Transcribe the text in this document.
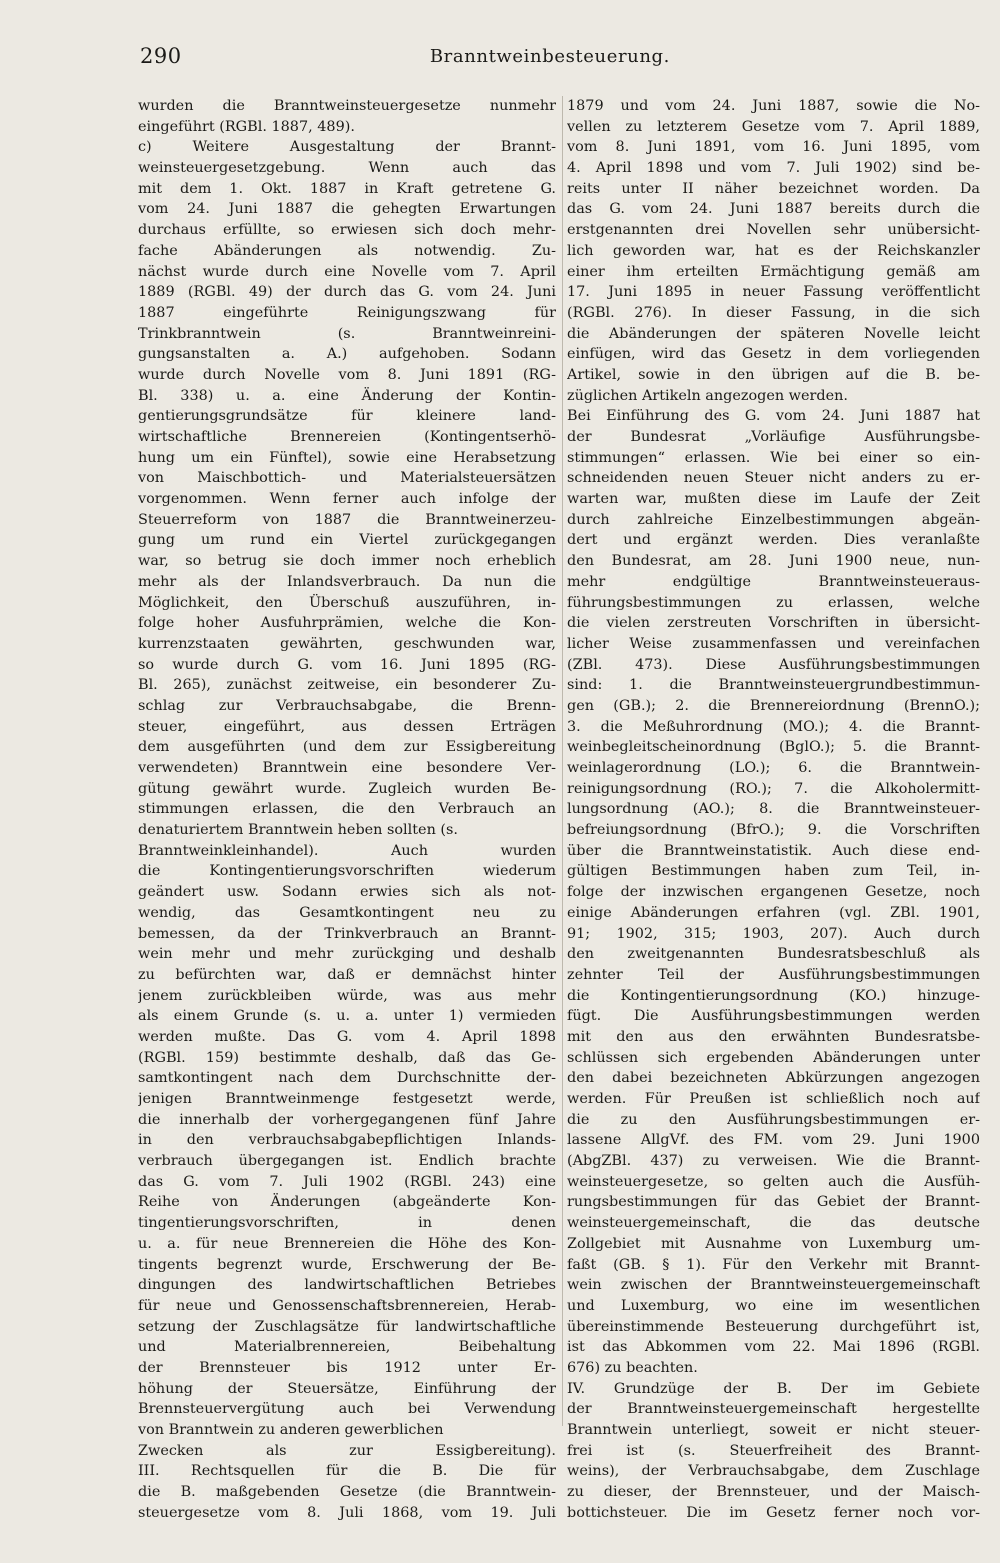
290	Branntweinbesteuerung.
wurden die Branntweinsteuergesetze nunmehr
eingeführt (RGBl. 1887, 489).
c) Weitere Ausgestaltung der Brannt-
weinsteuergesetzgebung. Wenn auch das
mit dem 1. Okt. 1887 in Kraft getretene G.
vom 24. Juni 1887 die gehegten Erwartungen
durchaus erfüllte, so erwiesen sich doch mehr-
fache Abänderungen als notwendig. Zu-
nächst wurde durch eine Novelle vom 7. April
1889 (RGBl. 49) der durch das G. vom 24. Juni
1887 eingeführte Reinigungszwang für
Trinkbranntwein (s. Branntweinreini-
gungsanstalten a. A.) aufgehoben. Sodann
wurde durch Novelle vom 8. Juni 1891 (RG-
Bl. 338) u. a. eine Änderung der Kontin-
gentierungsgrundsätze für kleinere land-
wirtschaftliche Brennereien (Kontingentserhö-
hung um ein Fünftel), sowie eine Herabsetzung
von Maischbottich- und Materialsteuersätzen
vorgenommen. Wenn ferner auch infolge der
Steuerreform von 1887 die Branntweinerzeu-
gung um rund ein Viertel zurückgegangen
war, so betrug sie doch immer noch erheblich
mehr als der Inlandsverbrauch. Da nun die
Möglichkeit, den Überschuß auszuführen, in-
folge hoher Ausfuhrprämien, welche die Kon-
kurrenzstaaten gewährten, geschwunden war,
so wurde durch G. vom 16. Juni 1895 (RG-
Bl. 265), zunächst zeitweise, ein besonderer Zu-
schlag zur Verbrauchsabgabe, die Brenn-
steuer, eingeführt, aus dessen Erträgen
dem ausgeführten (und dem zur Essigbereitung
verwendeten) Branntwein eine besondere Ver-
gütung gewährt wurde. Zugleich wurden Be-
stimmungen erlassen, die den Verbrauch an
denaturiertem Branntwein heben sollten (s.
Branntweinkleinhandel). Auch wurden
die Kontingentierungsvorschriften wiederum
geändert usw. Sodann erwies sich als not-
wendig, das Gesamtkontingent neu zu
bemessen, da der Trinkverbrauch an Brannt-
wein mehr und mehr zurückging und deshalb
zu befürchten war, daß er demnächst hinter
jenem zurückbleiben würde, was aus mehr
als einem Grunde (s. u. a. unter 1) vermieden
werden mußte. Das G. vom 4. April 1898
(RGBl. 159) bestimmte deshalb, daß das Ge-
samtkontingent nach dem Durchschnitte der-
jenigen Branntweinmenge festgesetzt werde,
die innerhalb der vorhergegangenen fünf Jahre
in den verbrauchsabgabepflichtigen Inlands-
verbrauch übergegangen ist. Endlich brachte
das G. vom 7. Juli 1902 (RGBl. 243) eine
Reihe von Änderungen (abgeänderte Kon-
tingentierungsvorschriften, in denen
u. a. für neue Brennereien die Höhe des Kon-
tingents begrenzt wurde, Erschwerung der Be-
dingungen des landwirtschaftlichen Betriebes
für neue und Genossenschaftsbrennereien, Herab-
setzung der Zuschlagsätze für landwirtschaftliche
und Materialbrennereien, Beibehaltung
der Brennsteuer bis 1912 unter Er-
höhung der Steuersätze, Einführung der
Brennsteuervergütung auch bei Verwendung
von Branntwein zu anderen gewerblichen
Zwecken als zur Essigbereitung).
III. Rechtsquellen für die B. Die für
die B. maßgebenden Gesetze (die Branntwein-
steuergesetze vom 8. Juli 1868, vom 19. Juli
1879 und vom 24. Juni 1887, sowie die No-
vellen zu letzterem Gesetze vom 7. April 1889,
vom 8. Juni 1891, vom 16. Juni 1895, vom
4. April 1898 und vom 7. Juli 1902) sind be-
reits unter II näher bezeichnet worden. Da
das G. vom 24. Juni 1887 bereits durch die
erstgenannten drei Novellen sehr unübersicht-
lich geworden war, hat es der Reichskanzler
einer ihm erteilten Ermächtigung gemäß am
17. Juni 1895 in neuer Fassung veröffentlicht
(RGBl. 276). In dieser Fassung, in die sich
die Abänderungen der späteren Novelle leicht
einfügen, wird das Gesetz in dem vorliegenden
Artikel, sowie in den übrigen auf die B. be-
züglichen Artikeln angezogen werden.
Bei Einführung des G. vom 24. Juni 1887 hat
der Bundesrat „Vorläufige Ausführungsbe-
stimmungen“ erlassen. Wie bei einer so ein-
schneidenden neuen Steuer nicht anders zu er-
warten war, mußten diese im Laufe der Zeit
durch zahlreiche Einzelbestimmungen abgeän-
dert und ergänzt werden. Dies veranlaßte
den Bundesrat, am 28. Juni 1900 neue, nun-
mehr endgültige Branntweinsteueraus-
führungsbestimmungen zu erlassen, welche
die vielen zerstreuten Vorschriften in übersicht-
licher Weise zusammenfassen und vereinfachen
(ZBl. 473). Diese Ausführungsbestimmungen
sind: 1. die Branntweinsteuergrundbestimmun-
gen (GB.); 2. die Brennereiordnung (BrennO.);
3. die Meßuhrordnung (MO.); 4. die Brannt-
weinbegleitscheinordnung (BglO.); 5. die Brannt-
weinlagerordnung (LO.); 6. die Branntwein-
reinigungsordnung (RO.); 7. die Alkoholermitt-
lungsordnung (AO.); 8. die Branntweinsteuer-
befreiungsordnung (BfrO.); 9. die Vorschriften
über die Branntweinstatistik. Auch diese end-
gültigen Bestimmungen haben zum Teil, in-
folge der inzwischen ergangenen Gesetze, noch
einige Abänderungen erfahren (vgl. ZBl. 1901,
91; 1902, 315; 1903, 207). Auch durch
den zweitgenannten Bundesratsbeschluß als
zehnter Teil der Ausführungsbestimmungen
die Kontingentierungsordnung (KO.) hinzuge-
fügt. Die Ausführungsbestimmungen werden
mit den aus den erwähnten Bundesratsbe-
schlüssen sich ergebenden Abänderungen unter
den dabei bezeichneten Abkürzungen angezogen
werden. Für Preußen ist schließlich noch auf
die zu den Ausführungsbestimmungen er-
lassene AllgVf. des FM. vom 29. Juni 1900
(AbgZBl. 437) zu verweisen. Wie die Brannt-
weinsteuergesetze, so gelten auch die Ausfüh-
rungsbestimmungen für das Gebiet der Brannt-
weinsteuergemeinschaft, die das deutsche
Zollgebiet mit Ausnahme von Luxemburg um-
faßt (GB. § 1). Für den Verkehr mit Brannt-
wein zwischen der Branntweinsteuergemeinschaft
und Luxemburg, wo eine im wesentlichen
übereinstimmende Besteuerung durchgeführt ist,
ist das Abkommen vom 22. Mai 1896 (RGBl.
676) zu beachten.
IV. Grundzüge der B. Der im Gebiete
der Branntweinsteuergemeinschaft hergestellte
Branntwein unterliegt, soweit er nicht steuer-
frei ist (s. Steuerfreiheit des Brannt-
weins), der Verbrauchsabgabe, dem Zuschlage
zu dieser, der Brennsteuer, und der Maisch-
bottichsteuer. Die im Gesetz ferner noch vor-
